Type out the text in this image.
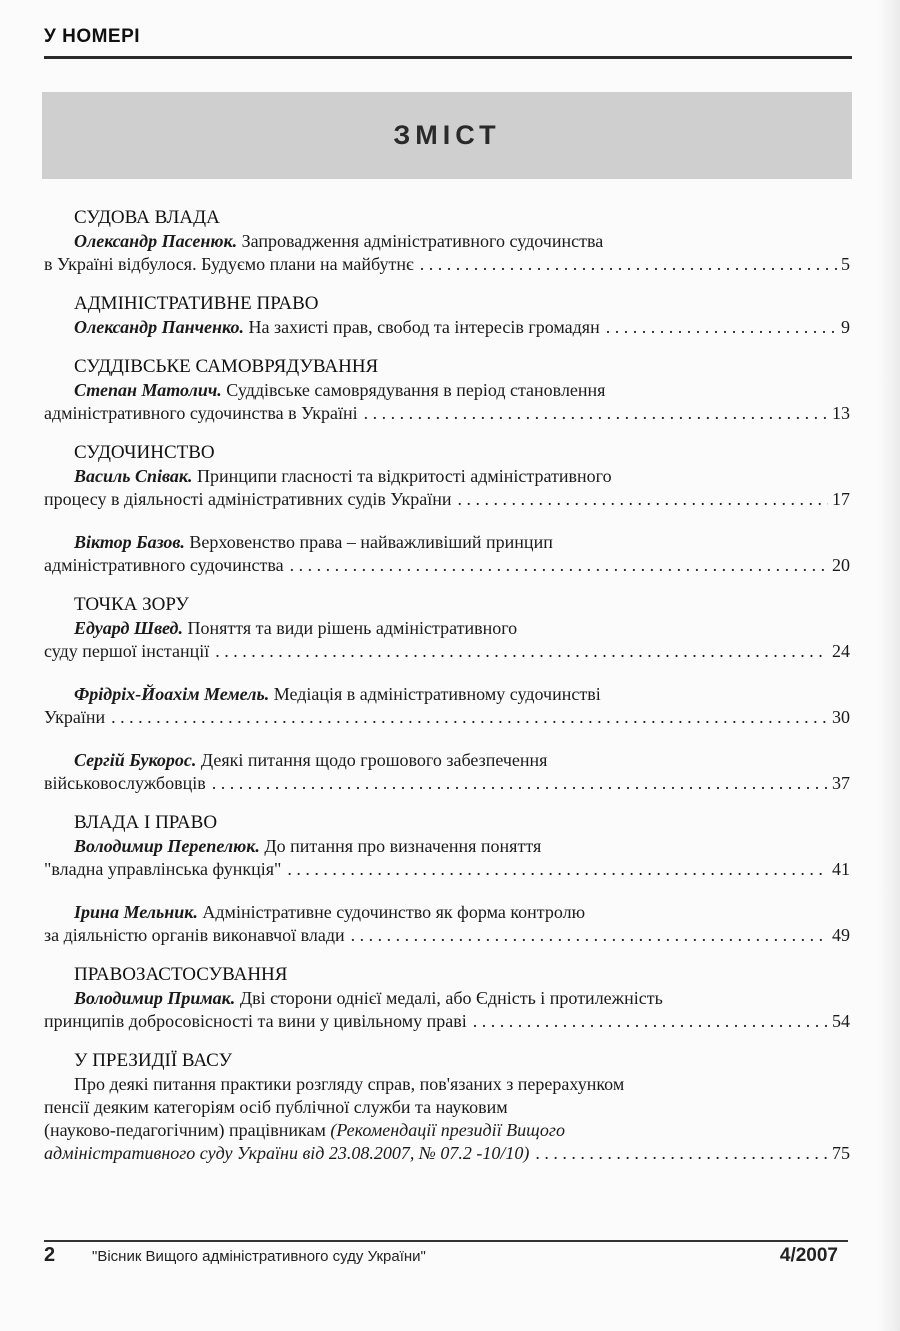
У НОМЕРІ
ЗМІСТ
СУДОВА ВЛАДА
Олександр Пасенюк. Запровадження адміністративного судочинства
в Україні відбулося. Будуємо плани на майбутнє . . .	5
АДМІНІСТРАТИВНЕ ПРАВО
Олександр Панченко. На захисті прав, свобод та інтересів громадян . . .	9
СУДДІВСЬКЕ САМОВРЯДУВАННЯ
Степан Матолич. Суддівське самоврядування в період становлення
адміністративного судочинства в Україні . . .	13
СУДОЧИНСТВО
Василь Співак. Принципи гласності та відкритості адміністративного
процесу в діяльності адміністративних судів України . . .	17
Віктор Базов. Верховенство права – найважливіший принцип
адміністративного судочинства . . .	20
ТОЧКА ЗОРУ
Едуард Швед. Поняття та види рішень адміністративного
суду першої інстанції . . .	24
Фрідріх-Йоахім Мемель. Медіація в адміністративному судочинстві
України . . .	30
Сергій Букорос. Деякі питання щодо грошового забезпечення
військовослужбовців . . .	37
ВЛАДА І ПРАВО
Володимир Перепелюк. До питання про визначення поняття
"владна управлінська функція" . . .	41
Ірина Мельник. Адміністративне судочинство як форма контролю
за діяльністю органів виконавчої влади . . .	49
ПРАВОЗАСТОСУВАННЯ
Володимир Примак. Дві сторони однієї медалі, або Єдність і протилежність
принципів добросовісності та вини у цивільному праві . . .	54
У ПРЕЗИДІЇ ВАСУ
Про деякі питання практики розгляду справ, пов'язаних з перерахунком
пенсії деяким категоріям осіб публічної служби та науковим
(науково-педагогічним) працівникам (Рекомендації президії Вищого
адміністративного суду України від 23.08.2007, № 07.2 -10/10) . . .	75
2 "Вісник Вищого адміністративного суду України"	4/2007
